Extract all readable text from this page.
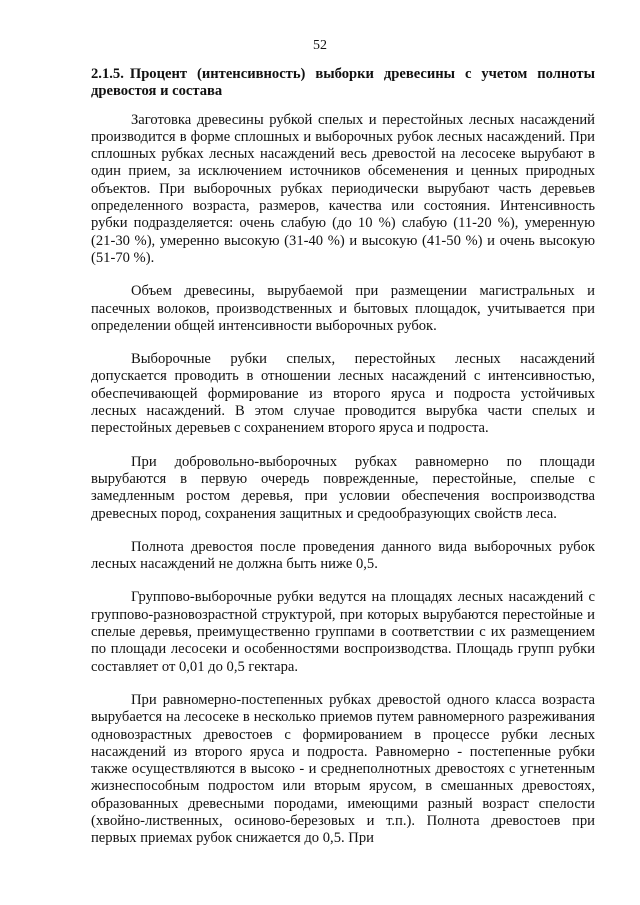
52
2.1.5. Процент (интенсивность) выборки древесины с учетом полноты древостоя и состава

Заготовка древесины рубкой спелых и перестойных лесных насаждений производится в форме сплошных и выборочных рубок лесных насаждений. При сплошных рубках лесных насаждений весь древостой на лесосеке вырубают в один прием, за исключением источников обсеменения и ценных природных объектов. При выборочных рубках периодически вырубают часть деревьев определенного возраста, размеров, качества или состояния. Интенсивность рубки подразделяется: очень слабую (до 10 %) слабую (11-20 %), умеренную (21-30 %), умеренно высокую (31-40 %) и высокую (41-50 %) и очень высокую (51-70 %).

Объем древесины, вырубаемой при размещении магистральных и пасечных волоков, производственных и бытовых площадок, учитывается при определении общей интенсивности выборочных рубок.

Выборочные рубки спелых, перестойных лесных насаждений допускается проводить в отношении лесных насаждений с интенсивностью, обеспечивающей формирование из второго яруса и подроста устойчивых лесных насаждений. В этом случае проводится вырубка части спелых и перестойных деревьев с сохранением второго яруса и подроста.

При добровольно-выборочных рубках равномерно по площади вырубаются в первую очередь поврежденные, перестойные, спелые с замедленным ростом деревья, при условии обеспечения воспроизводства древесных пород, сохранения защитных и средообразующих свойств леса.

Полнота древостоя после проведения данного вида выборочных рубок лесных насаждений не должна быть ниже 0,5.

Группово-выборочные рубки ведутся на площадях лесных насаждений с группово-разновозрастной структурой, при которых вырубаются перестойные и спелые деревья, преимущественно группами в соответствии с их размещением по площади лесосеки и особенностями воспроизводства. Площадь групп рубки составляет от 0,01 до 0,5 гектара.

При равномерно-постепенных рубках древостой одного класса возраста вырубается на лесосеке в несколько приемов путем равномерного разреживания одновозрастных древостоев с формированием в процессе рубки лесных насаждений из второго яруса и подроста. Равномерно - постепенные рубки также осуществляются в высоко - и среднеполнотных древостоях с угнетенным жизнеспособным подростом или вторым ярусом, в смешанных древостоях, образованных древесными породами, имеющими разный возраст спелости (хвойно-лиственных, осиново-березовых и т.п.). Полнота древостоев при первых приемах рубок снижается до 0,5. При
